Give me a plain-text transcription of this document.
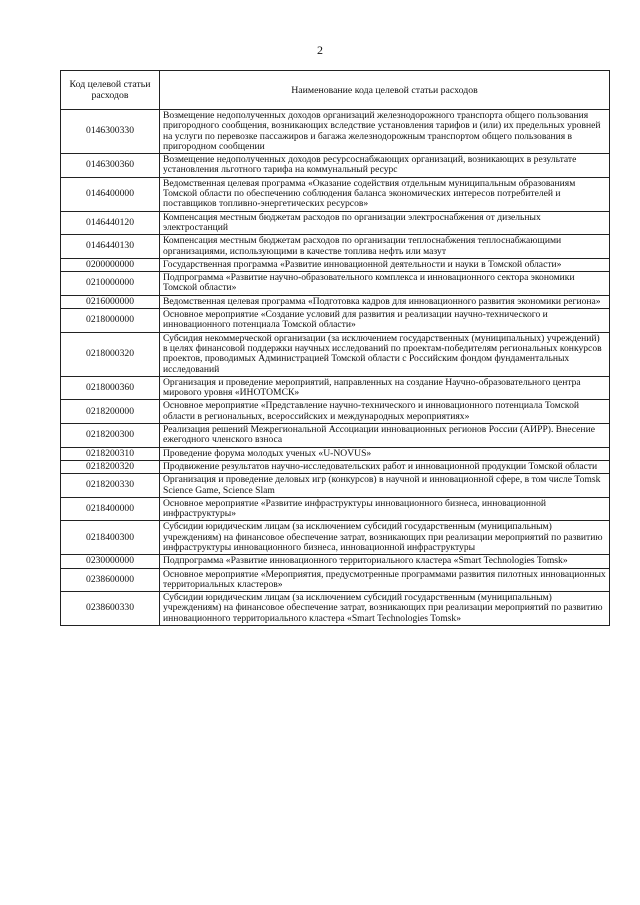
2
Код целевой статьи расходов	Наименование кода целевой статьи расходов
0146300330	Возмещение недополученных доходов организаций железнодорожного транспорта общего пользования пригородного сообщения, возникающих вследствие установления тарифов и (или) их предельных уровней на услуги по перевозке пассажиров и багажа железнодорожным транспортом общего пользования в пригородном сообщении
0146300360	Возмещение недополученных доходов ресурсоснабжающих организаций, возникающих в результате установления льготного тарифа на коммунальный ресурс
0146400000	Ведомственная целевая программа «Оказание содействия отдельным муниципальным образованиям Томской области по обеспечению соблюдения баланса экономических интересов потребителей и поставщиков топливно-энергетических ресурсов»
0146440120	Компенсация местным бюджетам расходов по организации электроснабжения от дизельных электростанций
0146440130	Компенсация местным бюджетам расходов по организации теплоснабжения теплоснабжающими организациями, использующими в качестве топлива нефть или мазут
0200000000	Государственная программа «Развитие инновационной деятельности и науки в Томской области»
0210000000	Подпрограмма «Развитие научно-образовательного комплекса и инновационного сектора экономики Томской области»
0216000000	Ведомственная целевая программа «Подготовка кадров для инновационного развития экономики региона»
0218000000	Основное мероприятие «Создание условий для развития и реализации научно-технического и инновационного потенциала Томской области»
0218000320	Субсидия некоммерческой организации (за исключением государственных (муниципальных) учреждений) в целях финансовой поддержки научных исследований по проектам-победителям региональных конкурсов проектов, проводимых Администрацией Томской области с Российским фондом фундаментальных исследований
0218000360	Организация и проведение мероприятий, направленных на создание Научно-образовательного центра мирового уровня «ИНОТОМСК»
0218200000	Основное мероприятие «Представление научно-технического и инновационного потенциала Томской области в региональных, всероссийских и международных мероприятиях»
0218200300	Реализация решений Межрегиональной Ассоциации инновационных регионов России (АИРР). Внесение ежегодного членского взноса
0218200310	Проведение форума молодых ученых «U-NOVUS»
0218200320	Продвижение результатов научно-исследовательских работ и инновационной продукции Томской области
0218200330	Организация и проведение деловых игр (конкурсов) в научной и инновационной сфере, в том числе Tomsk Science Game, Science Slam
0218400000	Основное мероприятие «Развитие инфраструктуры инновационного бизнеса, инновационной инфраструктуры»
0218400300	Субсидии юридическим лицам (за исключением субсидий государственным (муниципальным) учреждениям) на финансовое обеспечение затрат, возникающих при реализации мероприятий по развитию инфраструктуры инновационного бизнеса, инновационной инфраструктуры
0230000000	Подпрограмма «Развитие инновационного территориального кластера «Smart Technologies Tomsk»
0238600000	Основное мероприятие «Мероприятия, предусмотренные программами развития пилотных инновационных территориальных кластеров»
0238600330	Субсидии юридическим лицам (за исключением субсидий государственным (муниципальным) учреждениям) на финансовое обеспечение затрат, возникающих при реализации мероприятий по развитию инновационного территориального кластера «Smart Technologies Tomsk»
